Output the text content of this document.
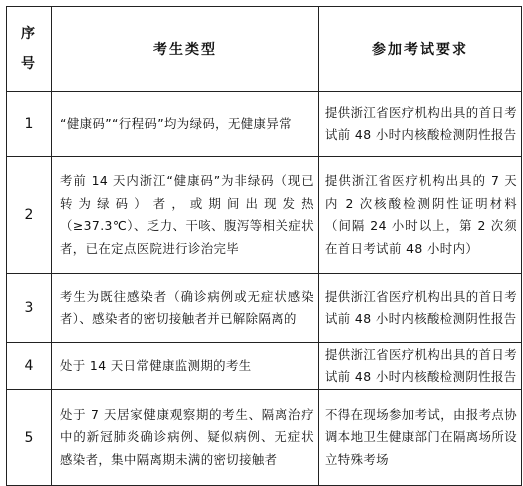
序
号	考生类型	参加考试要求
1	“健康码”“行程码”均为绿码，无健康异常	提供浙江省医疗机构出具的首日考试前 48 小时内核酸检测阴性报告
2	考前 14 天内浙江“健康码”为非绿码（现已转为绿码）者，或期间出现发热（≥37.3℃）、乏力、干咳、腹泻等相关症状者，已在定点医院进行诊治完毕	提供浙江省医疗机构出具的 7 天内 2 次核酸检测阴性证明材料（间隔 24 小时以上，第 2 次须在首日考试前 48 小时内）
3	考生为既往感染者（确诊病例或无症状感染者）、感染者的密切接触者并已解除隔离的	提供浙江省医疗机构出具的首日考试前 48 小时内核酸检测阴性报告
4	处于 14 天日常健康监测期的考生	提供浙江省医疗机构出具的首日考试前 48 小时内核酸检测阴性报告
5	处于 7 天居家健康观察期的考生、隔离治疗中的新冠肺炎确诊病例、疑似病例、无症状感染者，集中隔离期未满的密切接触者	不得在现场参加考试，由报考点协调本地卫生健康部门在隔离场所设立特殊考场
